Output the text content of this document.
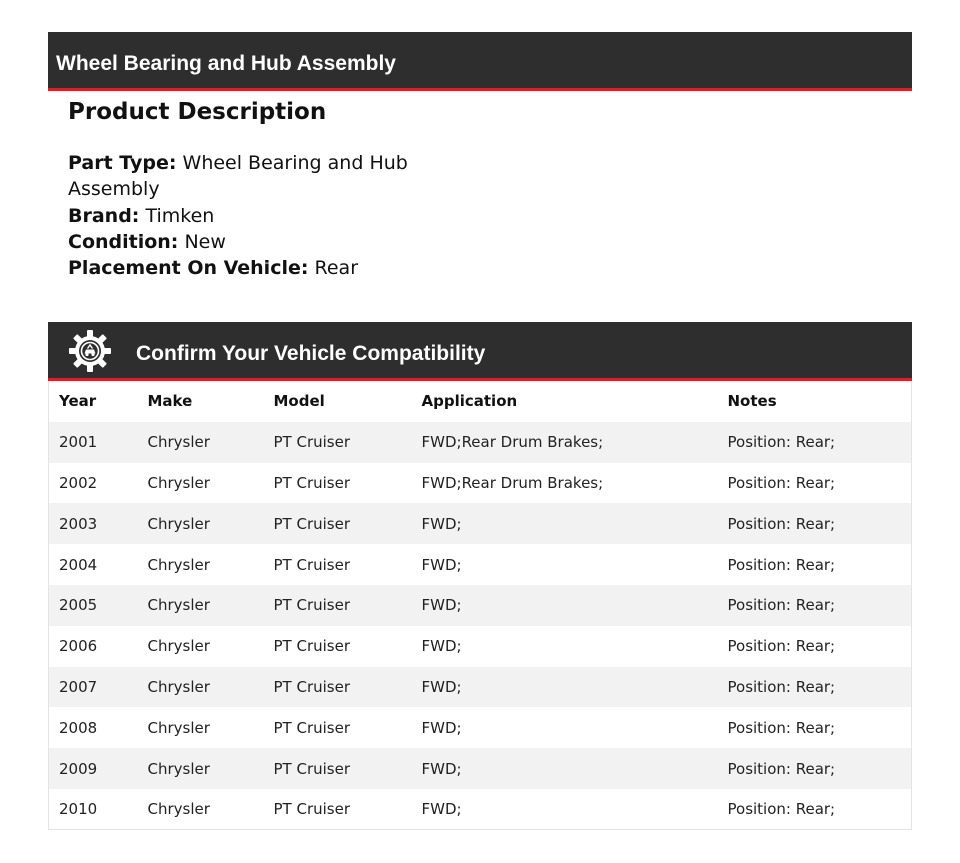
Wheel Bearing and Hub Assembly
Product Description
Part Type: Wheel Bearing and Hub Assembly
Brand: Timken
Condition: New
Placement On Vehicle: Rear
Confirm Your Vehicle Compatibility
Year	Make	Model	Application	Notes
2001	Chrysler	PT Cruiser	FWD;Rear Drum Brakes;	Position: Rear;
2002	Chrysler	PT Cruiser	FWD;Rear Drum Brakes;	Position: Rear;
2003	Chrysler	PT Cruiser	FWD;	Position: Rear;
2004	Chrysler	PT Cruiser	FWD;	Position: Rear;
2005	Chrysler	PT Cruiser	FWD;	Position: Rear;
2006	Chrysler	PT Cruiser	FWD;	Position: Rear;
2007	Chrysler	PT Cruiser	FWD;	Position: Rear;
2008	Chrysler	PT Cruiser	FWD;	Position: Rear;
2009	Chrysler	PT Cruiser	FWD;	Position: Rear;
2010	Chrysler	PT Cruiser	FWD;	Position: Rear;
